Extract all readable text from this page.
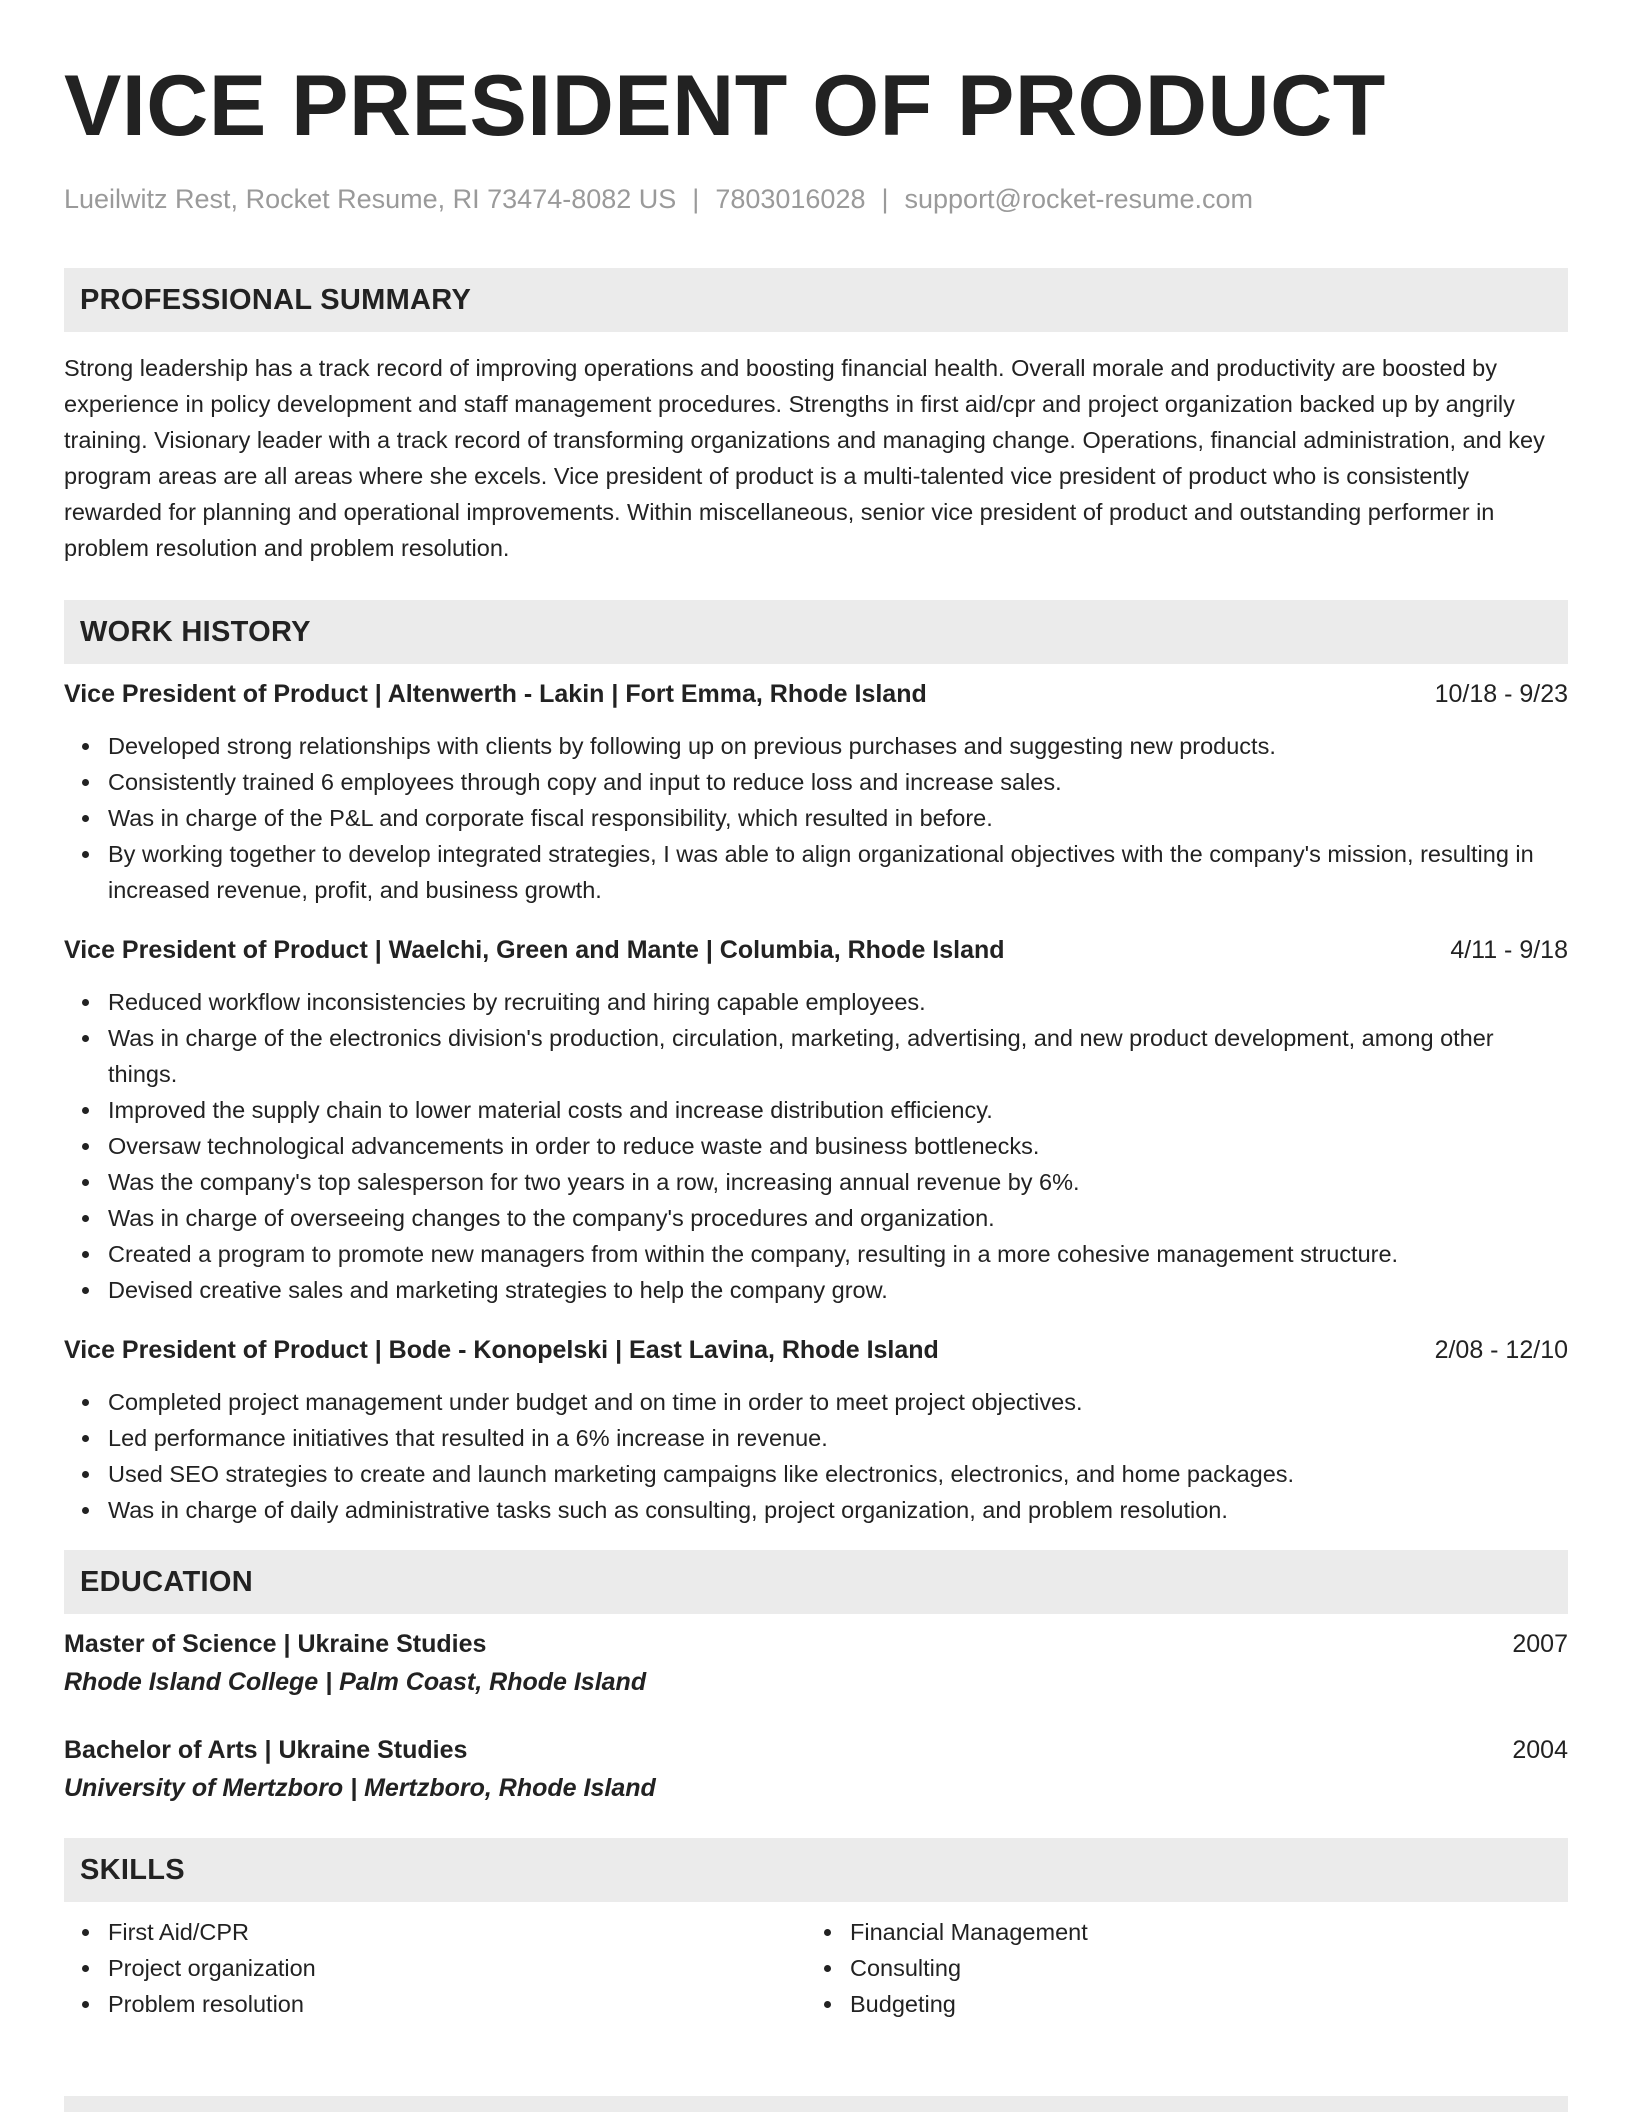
VICE PRESIDENT OF PRODUCT
Lueilwitz Rest, Rocket Resume, RI 73474-8082 US | 7803016028 | support@rocket-resume.com
PROFESSIONAL SUMMARY

Strong leadership has a track record of improving operations and boosting financial health. Overall morale and productivity are boosted by experience in policy development and staff management procedures. Strengths in first aid/cpr and project organization backed up by angrily training. Visionary leader with a track record of transforming organizations and managing change. Operations, financial administration, and key program areas are all areas where she excels. Vice president of product is a multi-talented vice president of product who is consistently rewarded for planning and operational improvements. Within miscellaneous, senior vice president of product and outstanding performer in problem resolution and problem resolution.

WORK HISTORY
Vice President of Product | Altenwerth - Lakin | Fort Emma, Rhode Island	10/18 - 9/23
Developed strong relationships with clients by following up on previous purchases and suggesting new products.
Consistently trained 6 employees through copy and input to reduce loss and increase sales.
Was in charge of the P&L and corporate fiscal responsibility, which resulted in before.
By working together to develop integrated strategies, I was able to align organizational objectives with the company's mission, resulting in increased revenue, profit, and business growth.
Vice President of Product | Waelchi, Green and Mante | Columbia, Rhode Island	4/11 - 9/18
Reduced workflow inconsistencies by recruiting and hiring capable employees.
Was in charge of the electronics division's production, circulation, marketing, advertising, and new product development, among other things.
Improved the supply chain to lower material costs and increase distribution efficiency.
Oversaw technological advancements in order to reduce waste and business bottlenecks.
Was the company's top salesperson for two years in a row, increasing annual revenue by 6%.
Was in charge of overseeing changes to the company's procedures and organization.
Created a program to promote new managers from within the company, resulting in a more cohesive management structure.
Devised creative sales and marketing strategies to help the company grow.
Vice President of Product | Bode - Konopelski | East Lavina, Rhode Island	2/08 - 12/10
Completed project management under budget and on time in order to meet project objectives.
Led performance initiatives that resulted in a 6% increase in revenue.
Used SEO strategies to create and launch marketing campaigns like electronics, electronics, and home packages.
Was in charge of daily administrative tasks such as consulting, project organization, and problem resolution.
EDUCATION
Master of Science | Ukraine Studies	2007
Rhode Island College | Palm Coast, Rhode Island
Bachelor of Arts | Ukraine Studies	2004
University of Mertzboro | Mertzboro, Rhode Island
SKILLS
First Aid/CPR
Project organization
Problem resolution
Financial Management
Consulting
Budgeting
